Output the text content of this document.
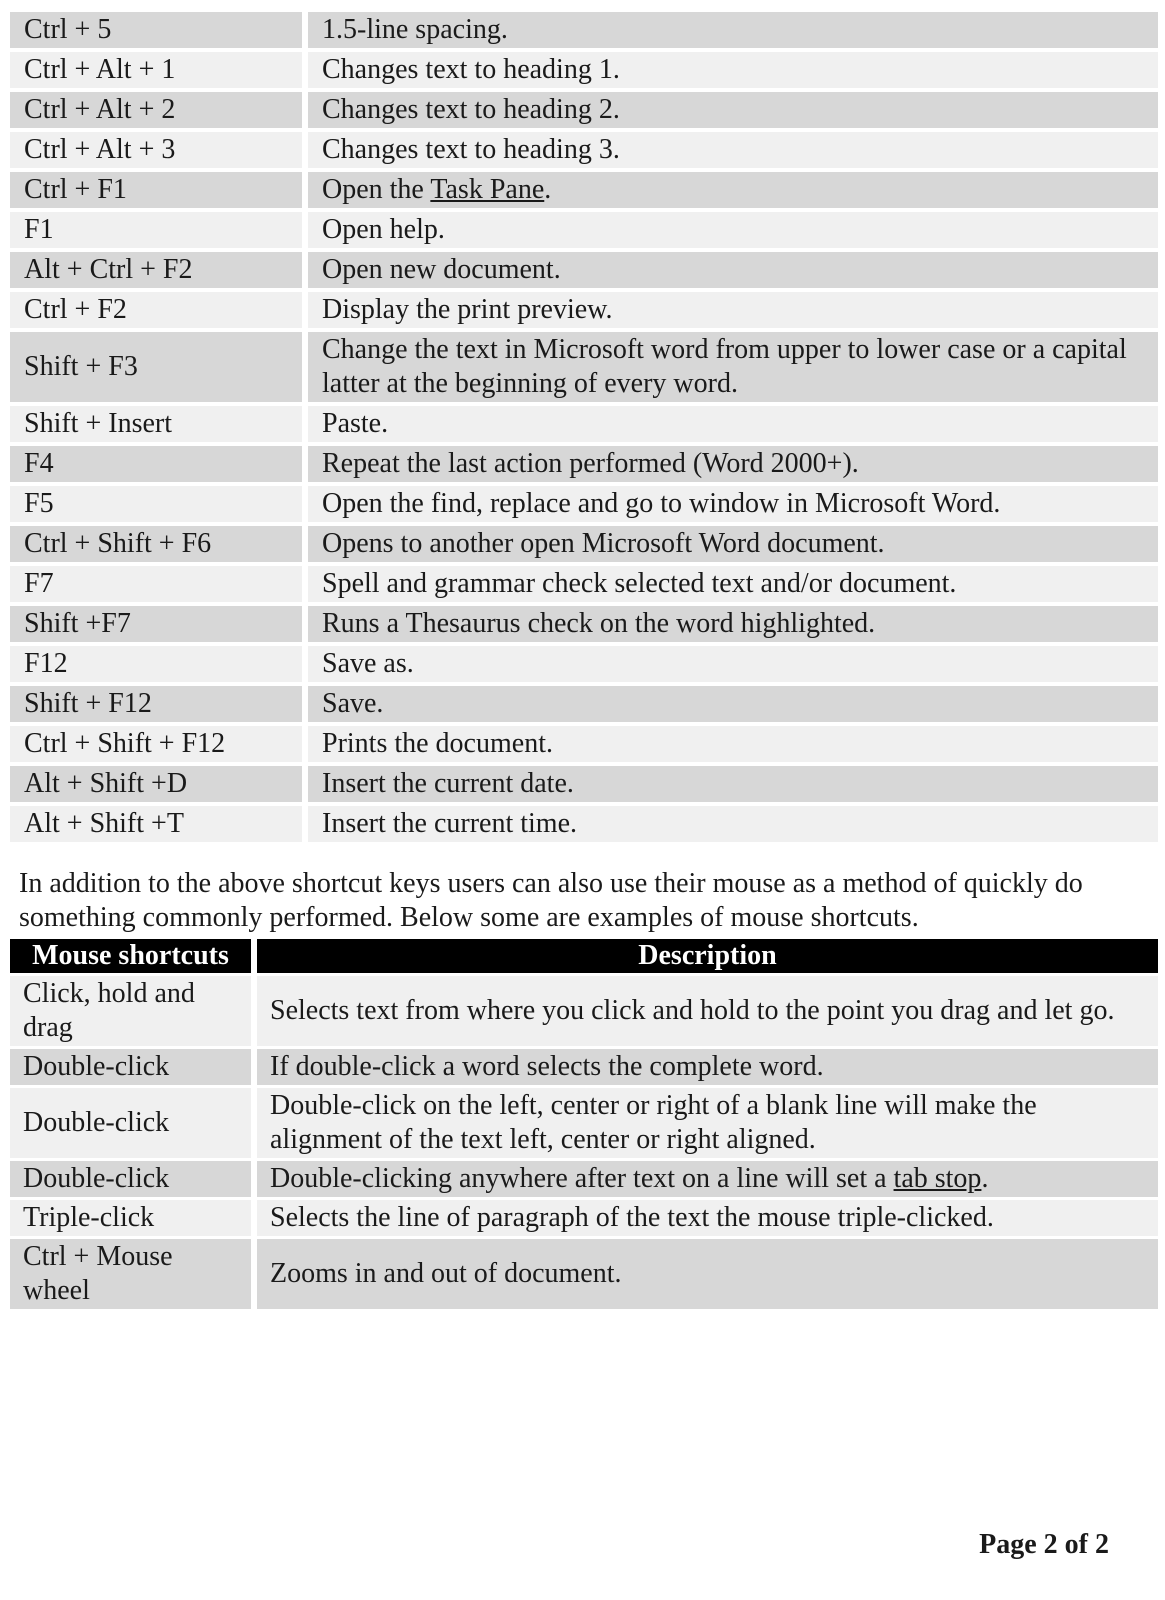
Ctrl + 5	1.5-line spacing.
Ctrl + Alt + 1	Changes text to heading 1.
Ctrl + Alt + 2	Changes text to heading 2.
Ctrl + Alt + 3	Changes text to heading 3.
Ctrl + F1	Open the Task Pane.
F1	Open help.
Alt + Ctrl + F2	Open new document.
Ctrl + F2	Display the print preview.
Shift + F3	Change the text in Microsoft word from upper to lower case or a capital latter at the beginning of every word.
Shift + Insert	Paste.
F4	Repeat the last action performed (Word 2000+).
F5	Open the find, replace and go to window in Microsoft Word.
Ctrl + Shift + F6	Opens to another open Microsoft Word document.
F7	Spell and grammar check selected text and/or document.
Shift +F7	Runs a Thesaurus check on the word highlighted.
F12	Save as.
Shift + F12	Save.
Ctrl + Shift + F12	Prints the document.
Alt + Shift +D	Insert the current date.
Alt + Shift +T	Insert the current time.

In addition to the above shortcut keys users can also use their mouse as a method of quickly do something commonly performed. Below some are examples of mouse shortcuts.

Mouse shortcuts	Description
Click, hold and drag	Selects text from where you click and hold to the point you drag and let go.
Double-click	If double-click a word selects the complete word.
Double-click	Double-click on the left, center or right of a blank line will make the alignment of the text left, center or right aligned.
Double-click	Double-clicking anywhere after text on a line will set a tab stop.
Triple-click	Selects the line of paragraph of the text the mouse triple-clicked.
Ctrl + Mouse wheel	Zooms in and out of document.
Page 2 of 2
